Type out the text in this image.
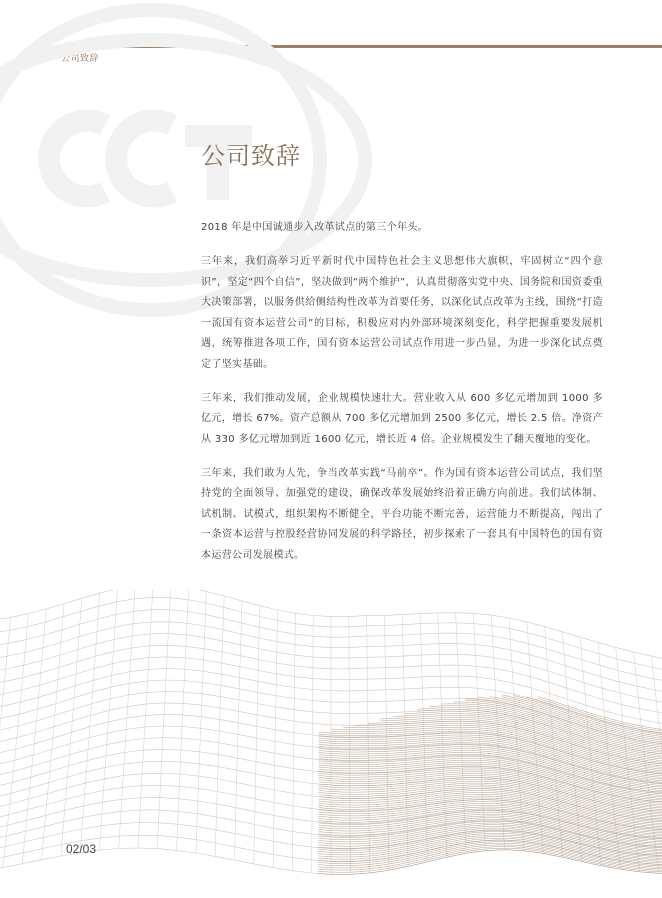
公司致辞
公司致辞

2018 年是中国诚通步入改革试点的第三个年头。

三年来，我们高举习近平新时代中国特色社会主义思想伟大旗帜，牢固树立“四个意识”，坚定“四个自信”，坚决做到“两个维护”，认真贯彻落实党中央、国务院和国资委重大决策部署，以服务供给侧结构性改革为首要任务，以深化试点改革为主线，围绕“打造一流国有资本运营公司”的目标，积极应对内外部环境深刻变化，科学把握重要发展机遇，统筹推进各项工作，国有资本运营公司试点作用进一步凸显，为进一步深化试点奠定了坚实基础。

三年来，我们推动发展，企业规模快速壮大。营业收入从 600 多亿元增加到 1000 多亿元，增长 67%。资产总额从 700 多亿元增加到 2500 多亿元，增长 2.5 倍。净资产从 330 多亿元增加到近 1600 亿元，增长近 4 倍。企业规模发生了翻天覆地的变化。

三年来，我们敢为人先，争当改革实践“马前卒”。作为国有资本运营公司试点，我们坚持党的全面领导、加强党的建设，确保改革发展始终沿着正确方向前进。我们试体制、试机制、试模式，组织架构不断健全，平台功能不断完善，运营能力不断提高，闯出了一条资本运营与控股经营协同发展的科学路径，初步探索了一套具有中国特色的国有资本运营公司发展模式。

02/03
